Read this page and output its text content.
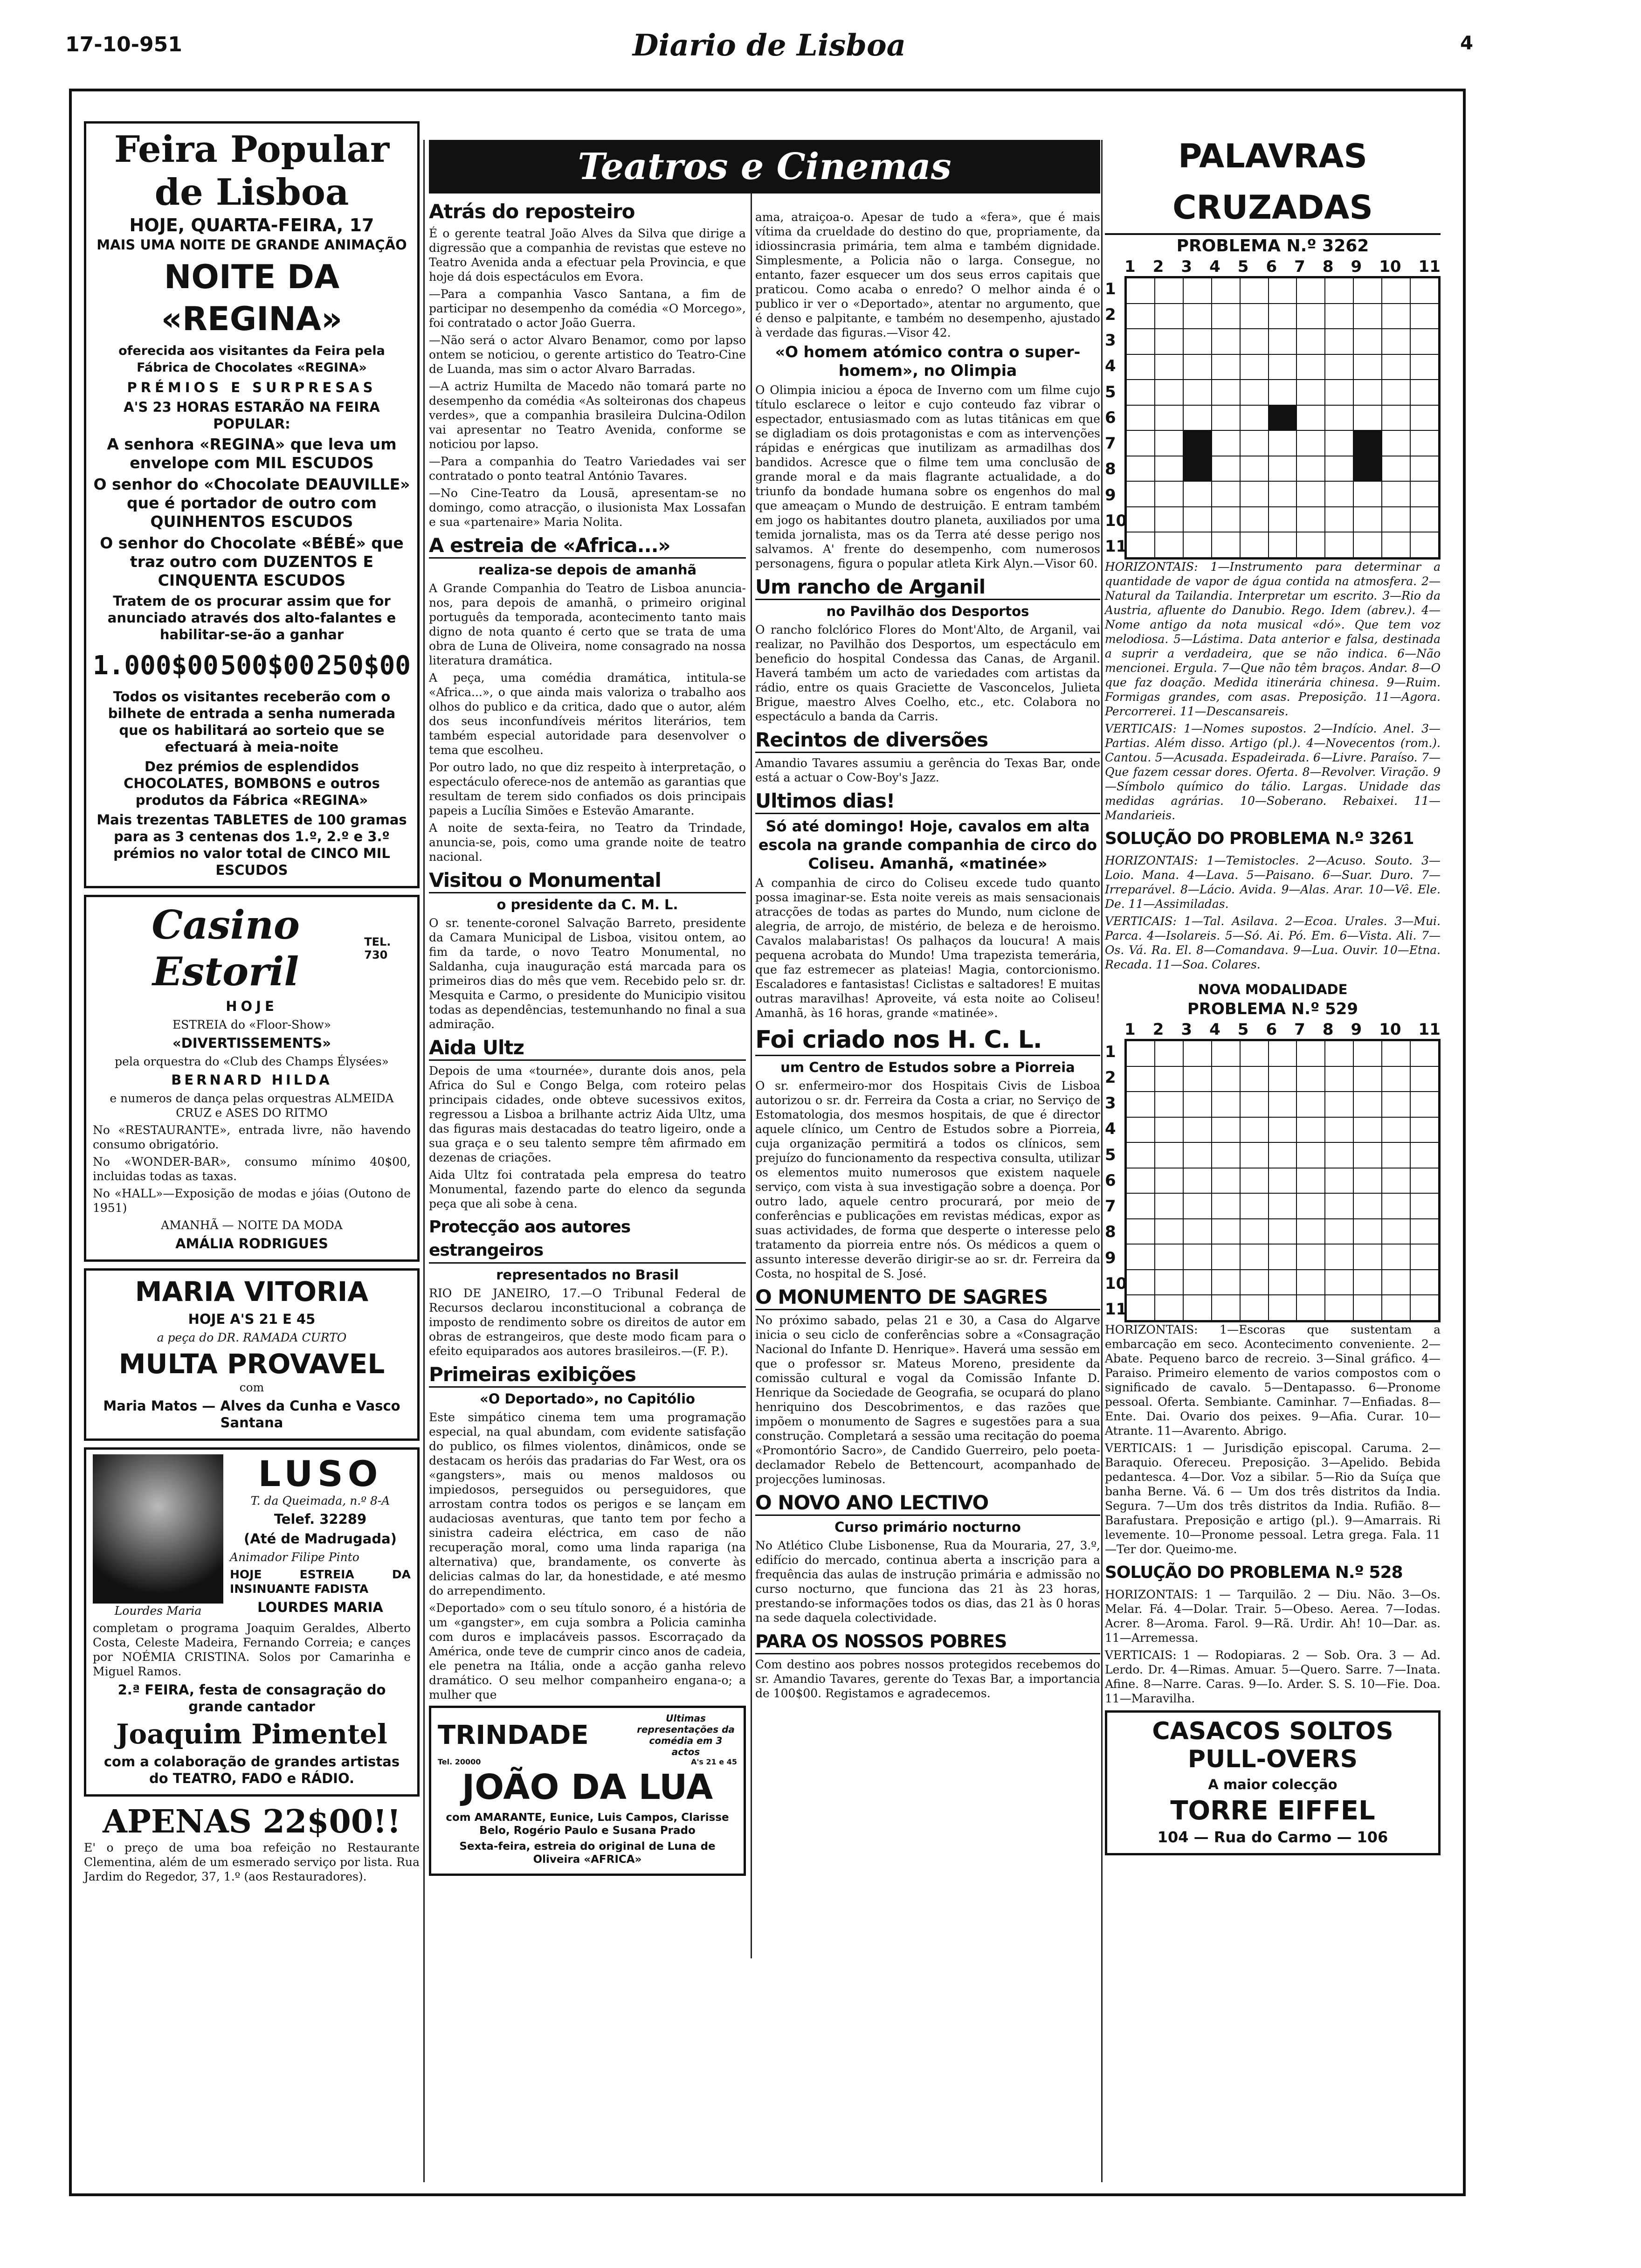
17-10-951	Diario de Lisboa	4
Feira Popular de Lisboa
HOJE, QUARTA-FEIRA, 17
MAIS UMA NOITE DE GRANDE ANIMAÇÃO
NOITE DA «REGINA»
oferecida aos visitantes da Feira pela Fábrica de Chocolates «REGINA»
PRÉMIOS E SURPRESAS
A'S 23 HORAS ESTARÃO NA FEIRA POPULAR:
A senhora «REGINA» que leva um envelope com MIL ESCUDOS
O senhor do «Chocolate DEAUVILLE» que é portador de outro com QUINHENTOS ESCUDOS
O senhor do Chocolate «BÉBÉ» que traz outro com DUZENTOS E CINQUENTA ESCUDOS
Tratem de os procurar assim que for anunciado através dos alto-falantes e habilitar-se-ão a ganhar
1.000$00 500$00 250$00
Todos os visitantes receberão com o bilhete de entrada a senha numerada que os habilitará ao sorteio que se efectuará à meia-noite
Dez prémios de esplendidos CHOCOLATES, BOMBONS e outros produtos da Fábrica «REGINA»
Mais trezentas TABLETES de 100 gramas para as 3 centenas dos 1.º, 2.º e 3.º prémios no valor total de CINCO MIL ESCUDOS
Casino Estoril
TEL. 730
HOJE

ESTREIA do «Floor-Show»

«DIVERTISSEMENTS»

pela orquestra do «Club des Champs Élysées»

BERNARD HILDA

e numeros de dança pelas orquestras ALMEIDA CRUZ e ASES DO RITMO

No «RESTAURANTE», entrada livre, não havendo consumo obrigatório.

No «WONDER-BAR», consumo mínimo 40$00, incluidas todas as taxas.

No «HALL»—Exposição de modas e jóias (Outono de 1951)

AMANHÃ — NOITE DA MODA

AMÁLIA RODRIGUES
MARIA VITORIA
HOJE A'S 21 E 45

a peça do DR. RAMADA CURTO

MULTA PROVAVEL

com

Maria Matos — Alves da Cunha e Vasco Santana

Lourdes Maria

LUSO

T. da Queimada, n.º 8-A

Telef. 32289
(Até de Madrugada)

Animador Filipe Pinto

HOJE ESTREIA DA INSINUANTE FADISTA

LOURDES MARIA

completam o programa Joaquim Geraldes, Alberto Costa, Celeste Madeira, Fernando Correia; e cançes por NOÉMIA CRISTINA. Solos por Camarinha e Miguel Ramos.

2.ª FEIRA, festa de consagração do grande cantador
Joaquim Pimentel
com a colaboração de grandes artistas do TEATRO, FADO e RÁDIO.
APENAS 22$00!!

E' o preço de uma boa refeição no Restaurante Clementina, além de um esmerado serviço por lista. Rua Jardim do Regedor, 37, 1.º (aos Restauradores).

Teatros e Cinemas
Atrás do reposteiro

É o gerente teatral João Alves da Silva que dirige a digressão que a companhia de revistas que esteve no Teatro Avenida anda a efectuar pela Provincia, e que hoje dá dois espectáculos em Evora.

—Para a companhia Vasco Santana, a fim de participar no desempenho da comédia «O Morcego», foi contratado o actor João Guerra.

—Não será o actor Alvaro Benamor, como por lapso ontem se noticiou, o gerente artistico do Teatro-Cine de Luanda, mas sim o actor Alvaro Barradas.

—A actriz Humilta de Macedo não tomará parte no desempenho da comédia «As solteironas dos chapeus verdes», que a companhia brasileira Dulcina-Odilon vai apresentar no Teatro Avenida, conforme se noticiou por lapso.

—Para a companhia do Teatro Variedades vai ser contratado o ponto teatral António Tavares.

—No Cine-Teatro da Lousã, apresentam-se no domingo, como atracção, o ilusionista Max Lossafan e sua «partenaire» Maria Nolita.

A estreia de «Africa...»
realiza-se depois de amanhã

A Grande Companhia do Teatro de Lisboa anuncia-nos, para depois de amanhã, o primeiro original português da temporada, acontecimento tanto mais digno de nota quanto é certo que se trata de uma obra de Luna de Oliveira, nome consagrado na nossa literatura dramática.

A peça, uma comédia dramática, intitula-se «Africa...», o que ainda mais valoriza o trabalho aos olhos do publico e da critica, dado que o autor, além dos seus inconfundíveis méritos literários, tem também especial autoridade para desenvolver o tema que escolheu.

Por outro lado, no que diz respeito à interpretação, o espectáculo oferece-nos de antemão as garantias que resultam de terem sido confiados os dois principais papeis a Lucília Simões e Estevão Amarante.

A noite de sexta-feira, no Teatro da Trindade, anuncia-se, pois, como uma grande noite de teatro nacional.

Visitou o Monumental
o presidente da C. M. L.

O sr. tenente-coronel Salvação Barreto, presidente da Camara Municipal de Lisboa, visitou ontem, ao fim da tarde, o novo Teatro Monumental, no Saldanha, cuja inauguração está marcada para os primeiros dias do mês que vem. Recebido pelo sr. dr. Mesquita e Carmo, o presidente do Municipio visitou todas as dependências, testemunhando no final a sua admiração.

Aida Ultz

Depois de uma «tournée», durante dois anos, pela Africa do Sul e Congo Belga, com roteiro pelas principais cidades, onde obteve sucessivos exitos, regressou a Lisboa a brilhante actriz Aida Ultz, uma das figuras mais destacadas do teatro ligeiro, onde a sua graça e o seu talento sempre têm afirmado em dezenas de criações.

Aida Ultz foi contratada pela empresa do teatro Monumental, fazendo parte do elenco da segunda peça que ali sobe à cena.

Protecção aos autores estrangeiros
representados no Brasil

RIO DE JANEIRO, 17.—O Tribunal Federal de Recursos declarou inconstitucional a cobrança de imposto de rendimento sobre os direitos de autor em obras de estrangeiros, que deste modo ficam para o efeito equiparados aos autores brasileiros.—(F. P.).

Primeiras exibições
«O Deportado», no Capitólio

Este simpático cinema tem uma programação especial, na qual abundam, com evidente satisfação do publico, os filmes violentos, dinâmicos, onde se destacam os heróis das pradarias do Far West, ora os «gangsters», mais ou menos maldosos ou impiedosos, perseguidos ou perseguidores, que arrostam contra todos os perigos e se lançam em audaciosas aventuras, que tanto tem por fecho a sinistra cadeira eléctrica, em caso de não recuperação moral, como uma linda rapariga (na alternativa) que, brandamente, os converte às delicias calmas do lar, da honestidade, e até mesmo do arrependimento.

«Deportado» com o seu título sonoro, é a história de um «gangster», em cuja sombra a Policia caminha com duros e implacáveis passos. Escorraçado da América, onde teve de cumprir cinco anos de cadeia, ele penetra na Itália, onde a acção ganha relevo dramático. O seu melhor companheiro engana-o; a mulher que

TRINDADE
Ultimas representações da comédia em 3 actos
Tel. 20000	A's 21 e 45
JOÃO DA LUA
com AMARANTE, Eunice, Luis Campos, Clarisse Belo, Rogério Paulo e Susana Prado
Sexta-feira, estreia do original de Luna de Oliveira «AFRICA»

ama, atraiçoa-o. Apesar de tudo a «fera», que é mais vítima da crueldade do destino do que, propriamente, da idiossincrasia primária, tem alma e também dignidade. Simplesmente, a Policia não o larga. Consegue, no entanto, fazer esquecer um dos seus erros capitais que praticou. Como acaba o enredo? O melhor ainda é o publico ir ver o «Deportado», atentar no argumento, que é denso e palpitante, e também no desempenho, ajustado à verdade das figuras.—Visor 42.

«O homem atómico contra o super-homem», no Olimpia

O Olimpia iniciou a época de Inverno com um filme cujo título esclarece o leitor e cujo conteudo faz vibrar o espectador, entusiasmado com as lutas titânicas em que se digladiam os dois protagonistas e com as intervenções rápidas e enérgicas que inutilizam as armadilhas dos bandidos. Acresce que o filme tem uma conclusão de grande moral e da mais flagrante actualidade, a do triunfo da bondade humana sobre os engenhos do mal que ameaçam o Mundo de destruição. E entram também em jogo os habitantes doutro planeta, auxiliados por uma temida jornalista, mas os da Terra até desse perigo nos salvamos. A' frente do desempenho, com numerosos personagens, figura o popular atleta Kirk Alyn.—Visor 60.

Um rancho de Arganil
no Pavilhão dos Desportos

O rancho folclórico Flores do Mont'Alto, de Arganil, vai realizar, no Pavilhão dos Desportos, um espectáculo em beneficio do hospital Condessa das Canas, de Arganil. Haverá também um acto de variedades com artistas da rádio, entre os quais Graciette de Vasconcelos, Julieta Brigue, maestro Alves Coelho, etc., etc. Colabora no espectáculo a banda da Carris.

Recintos de diversões

Amandio Tavares assumiu a gerência do Texas Bar, onde está a actuar o Cow-Boy's Jazz.

Ultimos dias!
Só até domingo! Hoje, cavalos em alta escola na grande companhia de circo do Coliseu. Amanhã, «matinée»

A companhia de circo do Coliseu excede tudo quanto possa imaginar-se. Esta noite vereis as mais sensacionais atracções de todas as partes do Mundo, num ciclone de alegria, de arrojo, de mistério, de beleza e de heroismo. Cavalos malabaristas! Os palhaços da loucura! A mais pequena acrobata do Mundo! Uma trapezista temerária, que faz estremecer as plateias! Magia, contorcionismo. Escaladores e fantasistas! Ciclistas e saltadores! E muitas outras maravilhas! Aproveite, vá esta noite ao Coliseu! Amanhã, às 16 horas, grande «matinée».

Foi criado nos H. C. L.
um Centro de Estudos sobre a Piorreia

O sr. enfermeiro-mor dos Hospitais Civis de Lisboa autorizou o sr. dr. Ferreira da Costa a criar, no Serviço de Estomatologia, dos mesmos hospitais, de que é director aquele clínico, um Centro de Estudos sobre a Piorreia, cuja organização permitirá a todos os clínicos, sem prejuízo do funcionamento da respectiva consulta, utilizar os elementos muito numerosos que existem naquele serviço, com vista à sua investigação sobre a doença. Por outro lado, aquele centro procurará, por meio de conferências e publicações em revistas médicas, expor as suas actividades, de forma que desperte o interesse pelo tratamento da piorreia entre nós. Os médicos a quem o assunto interesse deverão dirigir-se ao sr. dr. Ferreira da Costa, no hospital de S. José.

O MONUMENTO DE SAGRES

No próximo sabado, pelas 21 e 30, a Casa do Algarve inicia o seu ciclo de conferências sobre a «Consagração Nacional do Infante D. Henrique». Haverá uma sessão em que o professor sr. Mateus Moreno, presidente da comissão cultural e vogal da Comissão Infante D. Henrique da Sociedade de Geografia, se ocupará do plano henriquino dos Descobrimentos, e das razões que impõem o monumento de Sagres e sugestões para a sua construção. Completará a sessão uma recitação do poema «Promontório Sacro», de Candido Guerreiro, pelo poeta-declamador Rebelo de Bettencourt, acompanhado de projecções luminosas.

O NOVO ANO LECTIVO
Curso primário nocturno

No Atlético Clube Lisbonense, Rua da Mouraria, 27, 3.º, edifício do mercado, continua aberta a inscrição para a frequência das aulas de instrução primária e admissão no curso nocturno, que funciona das 21 às 23 horas, prestando-se informações todos os dias, das 21 às 0 horas na sede daquela colectividade.

PARA OS NOSSOS POBRES

Com destino aos pobres nossos protegidos recebemos do sr. Amandio Tavares, gerente do Texas Bar, a importancia de 100$00. Registamos e agradecemos.

PALAVRAS CRUZADAS
PROBLEMA N.º 3262
1 2 3 4 5 6 7 8 9 10 11
1
2
3
4
5
6
7
8
9
10
11

HORIZONTAIS: 1—Instrumento para determinar a quantidade de vapor de água contida na atmosfera. 2—Natural da Tailandia. Interpretar um escrito. 3—Rio da Austria, afluente do Danubio. Rego. Idem (abrev.). 4—Nome antigo da nota musical «dó». Que tem voz melodiosa. 5—Lástima. Data anterior e falsa, destinada a suprir a verdadeira, que se não indica. 6—Não mencionei. Ergula. 7—Que não têm braços. Andar. 8—O que faz doação. Medida itinerária chinesa. 9—Ruim. Formigas grandes, com asas. Preposição. 11—Agora. Percorrerei. 11—Descansareis.

VERTICAIS: 1—Nomes supostos. 2—Indício. Anel. 3—Partias. Além disso. Artigo (pl.). 4—Novecentos (rom.). Cantou. 5—Acusada. Espadeirada. 6—Livre. Paraíso. 7—Que fazem cessar dores. Oferta. 8—Revolver. Viração. 9—Símbolo químico do tálio. Largas. Unidade das medidas agrárias. 10—Soberano. Rebaixei. 11—Mandarieis.

SOLUÇÃO DO PROBLEMA N.º 3261

HORIZONTAIS: 1—Temistocles. 2—Acuso. Souto. 3—Loio. Mana. 4—Lava. 5—Paisano. 6—Suar. Duro. 7—Irreparável. 8—Lácio. Avida. 9—Alas. Arar. 10—Vê. Ele. De. 11—Assimiladas.

VERTICAIS: 1—Tal. Asilava. 2—Ecoa. Urales. 3—Mui. Parca. 4—Isolareis. 5—Só. Ai. Pó. Em. 6—Vista. Ali. 7—Os. Vá. Ra. El. 8—Comandava. 9—Lua. Ouvir. 10—Etna. Recada. 11—Soa. Colares.

NOVA MODALIDADE
PROBLEMA N.º 529
1 2 3 4 5 6 7 8 9 10 11
1
2
3
4
5
6
7
8
9
10
11

HORIZONTAIS: 1—Escoras que sustentam a embarcação em seco. Acontecimento conveniente. 2—Abate. Pequeno barco de recreio. 3—Sinal gráfico. 4—Paraiso. Primeiro elemento de varios compostos com o significado de cavalo. 5—Dentapasso. 6—Pronome pessoal. Oferta. Sembiante. Caminhar. 7—Enfiadas. 8—Ente. Dai. Ovario dos peixes. 9—Afia. Curar. 10—Atrante. 11—Avarento. Abrigo.

VERTICAIS: 1 — Jurisdição episcopal. Caruma. 2—Baraquio. Ofereceu. Preposição. 3—Apelido. Bebida pedantesca. 4—Dor. Voz a sibilar. 5—Rio da Suíça que banha Berne. Vá. 6 — Um dos três distritos da India. Segura. 7—Um dos três distritos da India. Rufião. 8—Barafustara. Preposição e artigo (pl.). 9—Amarrais. Ri levemente. 10—Pronome pessoal. Letra grega. Fala. 11—Ter dor. Queimo-me.

SOLUÇÃO DO PROBLEMA N.º 528

HORIZONTAIS: 1 — Tarquilão. 2 — Diu. Não. 3—Os. Melar. Fá. 4—Dolar. Trair. 5—Obeso. Aerea. 7—Iodas. Acrer. 8—Aroma. Farol. 9—Rã. Urdir. Ah! 10—Dar. as. 11—Arremessa.

VERTICAIS: 1 — Rodopiaras. 2 — Sob. Ora. 3 — Ad. Lerdo. Dr. 4—Rimas. Amuar. 5—Quero. Sarre. 7—Inata. Afine. 8—Narre. Caras. 9—Io. Arder. S. S. 10—Fie. Doa. 11—Maravilha.

CASACOS SOLTOS
PULL-OVERS
A maior colecção
TORRE EIFFEL
104 — Rua do Carmo — 106
